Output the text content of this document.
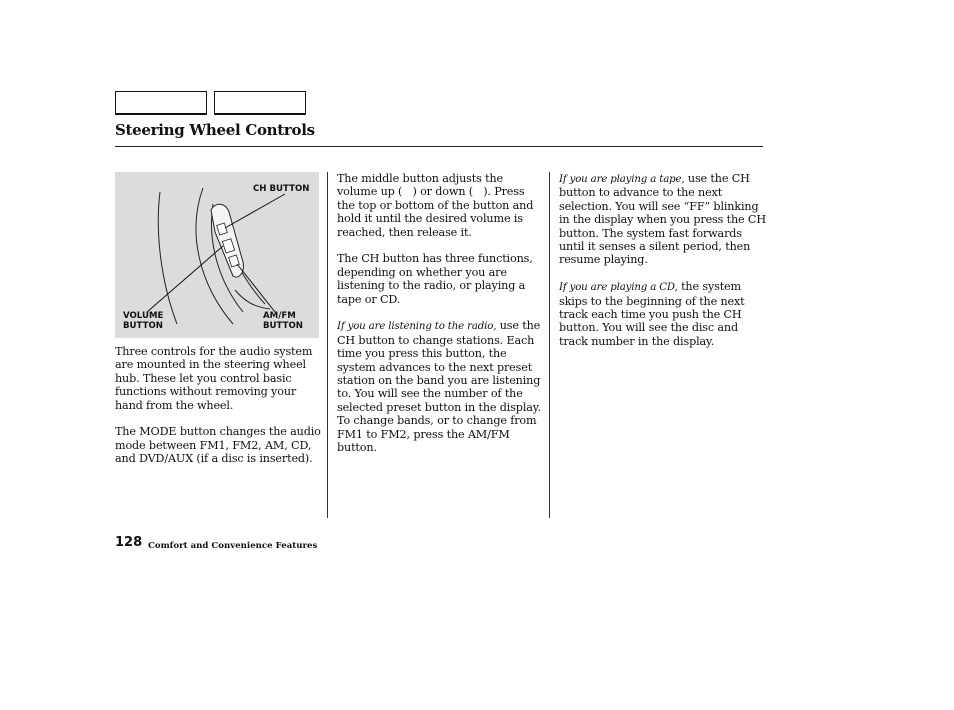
Steering Wheel Controls
CH BUTTON
VOLUME
BUTTON
AM/FM
BUTTON

Three controls for the audio system are mounted in the steering wheel hub. These let you control basic functions without removing your hand from the wheel.

The MODE button changes the audio mode between FM1, FM2, AM, CD, and DVD/AUX (if a disc is inserted).

The middle button adjusts the volume up (   ) or down (   ). Press the top or bottom of the button and hold it until the desired volume is reached, then release it.

The CH button has three functions, depending on whether you are listening to the radio, or playing a tape or CD.

If you are listening to the radio, use the CH button to change stations. Each time you press this button, the system advances to the next preset station on the band you are listening to. You will see the number of the selected preset button in the display. To change bands, or to change from FM1 to FM2, press the AM/FM button.

If you are playing a tape, use the CH button to advance to the next selection. You will see “FF” blinking in the display when you press the CH button. The system fast forwards until it senses a silent period, then resume playing.

If you are playing a CD, the system skips to the beginning of the next track each time you push the CH button. You will see the disc and track number in the display.

128 Comfort and Convenience Features
